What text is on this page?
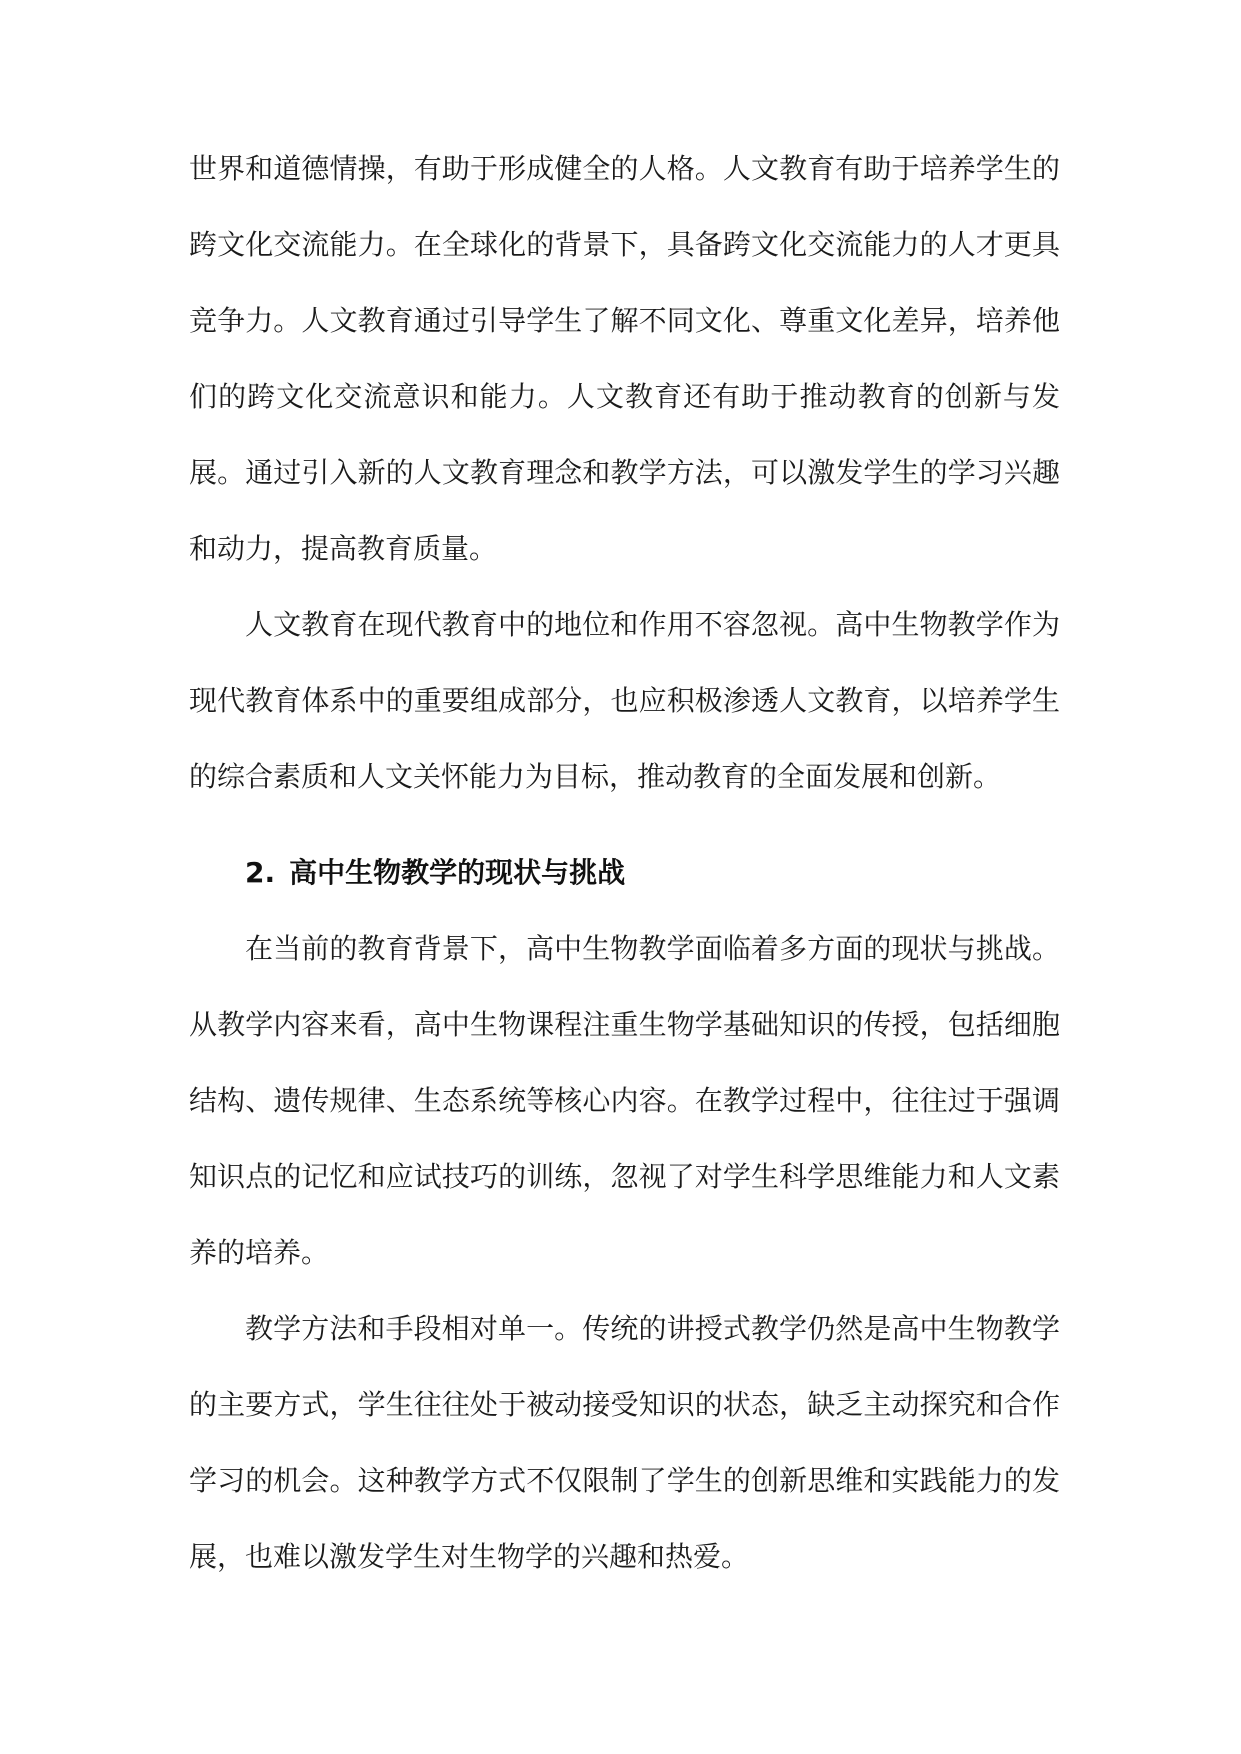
世界和道德情操，有助于形成健全的人格。人文教育有助于培养学生的跨文化交流能力。在全球化的背景下，具备跨文化交流能力的人才更具竞争力。人文教育通过引导学生了解不同文化、尊重文化差异，培养他们的跨文化交流意识和能力。人文教育还有助于推动教育的创新与发展。通过引入新的人文教育理念和教学方法，可以激发学生的学习兴趣和动力，提高教育质量。

人文教育在现代教育中的地位和作用不容忽视。高中生物教学作为现代教育体系中的重要组成部分，也应积极渗透人文教育，以培养学生的综合素质和人文关怀能力为目标，推动教育的全面发展和创新。

2. 高中生物教学的现状与挑战

在当前的教育背景下，高中生物教学面临着多方面的现状与挑战。从教学内容来看，高中生物课程注重生物学基础知识的传授，包括细胞结构、遗传规律、生态系统等核心内容。在教学过程中，往往过于强调知识点的记忆和应试技巧的训练，忽视了对学生科学思维能力和人文素养的培养。

教学方法和手段相对单一。传统的讲授式教学仍然是高中生物教学的主要方式，学生往往处于被动接受知识的状态，缺乏主动探究和合作学习的机会。这种教学方式不仅限制了学生的创新思维和实践能力的发展，也难以激发学生对生物学的兴趣和热爱。
